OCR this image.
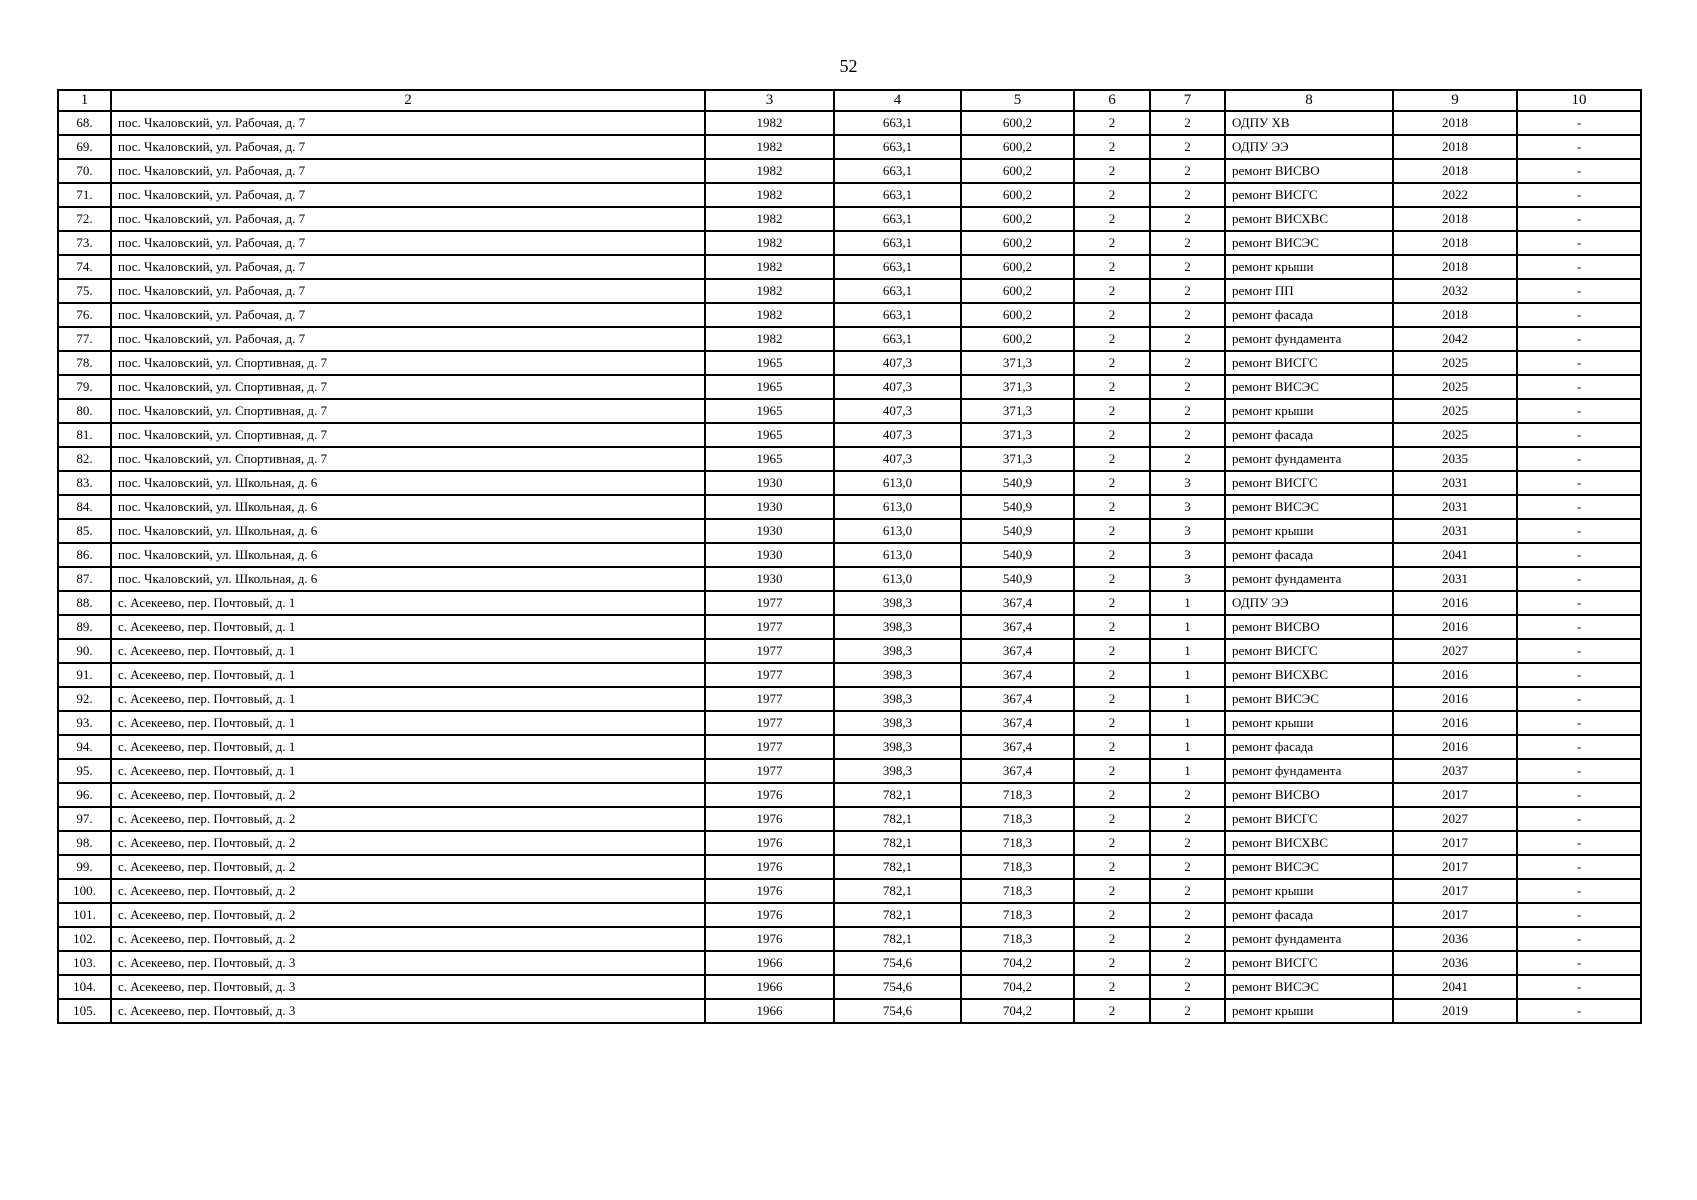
52
1	2	3	4	5	6	7	8	9	10
68.	пос. Чкаловский, ул. Рабочая, д. 7	1982	663,1	600,2	2	2	ОДПУ ХВ	2018	-
69.	пос. Чкаловский, ул. Рабочая, д. 7	1982	663,1	600,2	2	2	ОДПУ ЭЭ	2018	-
70.	пос. Чкаловский, ул. Рабочая, д. 7	1982	663,1	600,2	2	2	ремонт ВИСВО	2018	-
71.	пос. Чкаловский, ул. Рабочая, д. 7	1982	663,1	600,2	2	2	ремонт ВИСГС	2022	-
72.	пос. Чкаловский, ул. Рабочая, д. 7	1982	663,1	600,2	2	2	ремонт ВИСХВС	2018	-
73.	пос. Чкаловский, ул. Рабочая, д. 7	1982	663,1	600,2	2	2	ремонт ВИСЭС	2018	-
74.	пос. Чкаловский, ул. Рабочая, д. 7	1982	663,1	600,2	2	2	ремонт крыши	2018	-
75.	пос. Чкаловский, ул. Рабочая, д. 7	1982	663,1	600,2	2	2	ремонт ПП	2032	-
76.	пос. Чкаловский, ул. Рабочая, д. 7	1982	663,1	600,2	2	2	ремонт фасада	2018	-
77.	пос. Чкаловский, ул. Рабочая, д. 7	1982	663,1	600,2	2	2	ремонт фундамента	2042	-
78.	пос. Чкаловский, ул. Спортивная, д. 7	1965	407,3	371,3	2	2	ремонт ВИСГС	2025	-
79.	пос. Чкаловский, ул. Спортивная, д. 7	1965	407,3	371,3	2	2	ремонт ВИСЭС	2025	-
80.	пос. Чкаловский, ул. Спортивная, д. 7	1965	407,3	371,3	2	2	ремонт крыши	2025	-
81.	пос. Чкаловский, ул. Спортивная, д. 7	1965	407,3	371,3	2	2	ремонт фасада	2025	-
82.	пос. Чкаловский, ул. Спортивная, д. 7	1965	407,3	371,3	2	2	ремонт фундамента	2035	-
83.	пос. Чкаловский, ул. Школьная, д. 6	1930	613,0	540,9	2	3	ремонт ВИСГС	2031	-
84.	пос. Чкаловский, ул. Школьная, д. 6	1930	613,0	540,9	2	3	ремонт ВИСЭС	2031	-
85.	пос. Чкаловский, ул. Школьная, д. 6	1930	613,0	540,9	2	3	ремонт крыши	2031	-
86.	пос. Чкаловский, ул. Школьная, д. 6	1930	613,0	540,9	2	3	ремонт фасада	2041	-
87.	пос. Чкаловский, ул. Школьная, д. 6	1930	613,0	540,9	2	3	ремонт фундамента	2031	-
88.	с. Асекеево, пер. Почтовый, д. 1	1977	398,3	367,4	2	1	ОДПУ ЭЭ	2016	-
89.	с. Асекеево, пер. Почтовый, д. 1	1977	398,3	367,4	2	1	ремонт ВИСВО	2016	-
90.	с. Асекеево, пер. Почтовый, д. 1	1977	398,3	367,4	2	1	ремонт ВИСГС	2027	-
91.	с. Асекеево, пер. Почтовый, д. 1	1977	398,3	367,4	2	1	ремонт ВИСХВС	2016	-
92.	с. Асекеево, пер. Почтовый, д. 1	1977	398,3	367,4	2	1	ремонт ВИСЭС	2016	-
93.	с. Асекеево, пер. Почтовый, д. 1	1977	398,3	367,4	2	1	ремонт крыши	2016	-
94.	с. Асекеево, пер. Почтовый, д. 1	1977	398,3	367,4	2	1	ремонт фасада	2016	-
95.	с. Асекеево, пер. Почтовый, д. 1	1977	398,3	367,4	2	1	ремонт фундамента	2037	-
96.	с. Асекеево, пер. Почтовый, д. 2	1976	782,1	718,3	2	2	ремонт ВИСВО	2017	-
97.	с. Асекеево, пер. Почтовый, д. 2	1976	782,1	718,3	2	2	ремонт ВИСГС	2027	-
98.	с. Асекеево, пер. Почтовый, д. 2	1976	782,1	718,3	2	2	ремонт ВИСХВС	2017	-
99.	с. Асекеево, пер. Почтовый, д. 2	1976	782,1	718,3	2	2	ремонт ВИСЭС	2017	-
100.	с. Асекеево, пер. Почтовый, д. 2	1976	782,1	718,3	2	2	ремонт крыши	2017	-
101.	с. Асекеево, пер. Почтовый, д. 2	1976	782,1	718,3	2	2	ремонт фасада	2017	-
102.	с. Асекеево, пер. Почтовый, д. 2	1976	782,1	718,3	2	2	ремонт фундамента	2036	-
103.	с. Асекеево, пер. Почтовый, д. 3	1966	754,6	704,2	2	2	ремонт ВИСГС	2036	-
104.	с. Асекеево, пер. Почтовый, д. 3	1966	754,6	704,2	2	2	ремонт ВИСЭС	2041	-
105.	с. Асекеево, пер. Почтовый, д. 3	1966	754,6	704,2	2	2	ремонт крыши	2019	-
